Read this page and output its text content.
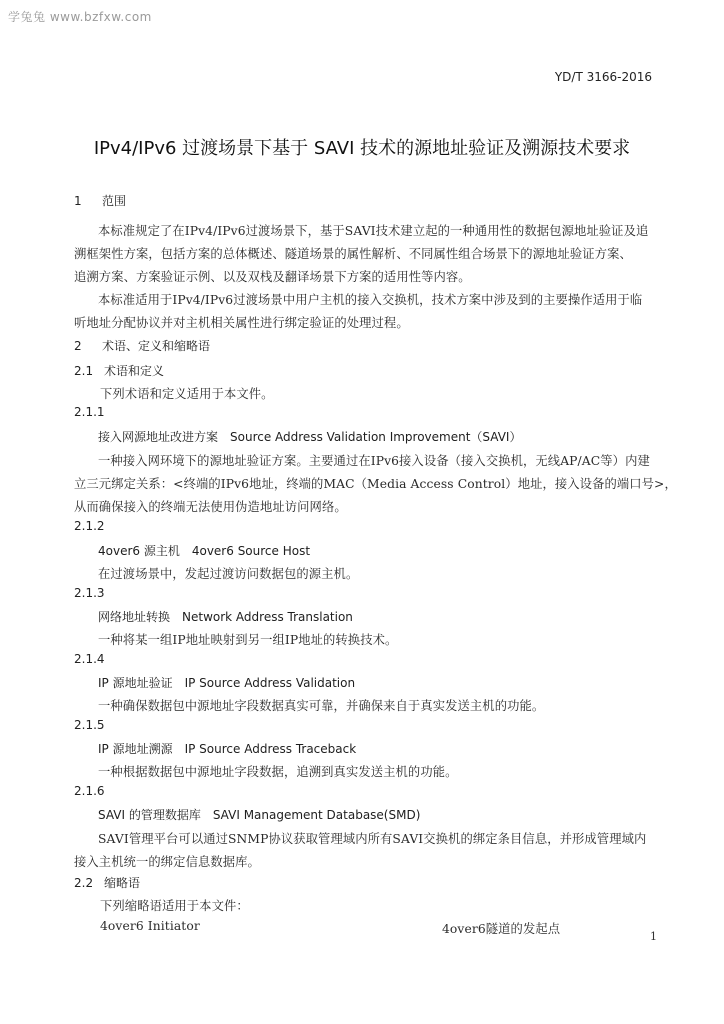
学兔兔 www.bzfxw.com
YD/T 3166-2016
IPv4/IPv6 过渡场景下基于 SAVI 技术的源地址验证及溯源技术要求
1 范围
本标准规定了在IPv4/IPv6过渡场景下，基于SAVI技术建立起的一种通用性的数据包源地址验证及追
溯框架性方案，包括方案的总体概述、隧道场景的属性解析、不同属性组合场景下的源地址验证方案、
追溯方案、方案验证示例、以及双栈及翻译场景下方案的适用性等内容。
本标准适用于IPv4/IPv6过渡场景中用户主机的接入交换机，技术方案中涉及到的主要操作适用于临
听地址分配协议并对主机相关属性进行绑定验证的处理过程。
2 术语、定义和缩略语
2.1 术语和定义
下列术语和定义适用于本文件。
2.1.1
接入网源地址改进方案　Source Address Validation Improvement（SAVI）
一种接入网环境下的源地址验证方案。主要通过在IPv6接入设备（接入交换机，无线AP/AC等）内建
立三元绑定关系：<终端的IPv6地址，终端的MAC（Media Access Control）地址，接入设备的端口号>，
从而确保接入的终端无法使用伪造地址访问网络。
2.1.2
4over6 源主机　4over6 Source Host
在过渡场景中，发起过渡访问数据包的源主机。
2.1.3
网络地址转换　Network Address Translation
一种将某一组IP地址映射到另一组IP地址的转换技术。
2.1.4
IP 源地址验证　IP Source Address Validation
一种确保数据包中源地址字段数据真实可靠，并确保来自于真实发送主机的功能。
2.1.5
IP 源地址溯源　IP Source Address Traceback
一种根据数据包中源地址字段数据，追溯到真实发送主机的功能。
2.1.6
SAVI 的管理数据库　SAVI Management Database(SMD)
SAVI管理平台可以通过SNMP协议获取管理域内所有SAVI交换机的绑定条目信息，并形成管理域内
接入主机统一的绑定信息数据库。
2.2 缩略语
下列缩略语适用于本文件：
4over6 Initiator	4over6隧道的发起点
1
